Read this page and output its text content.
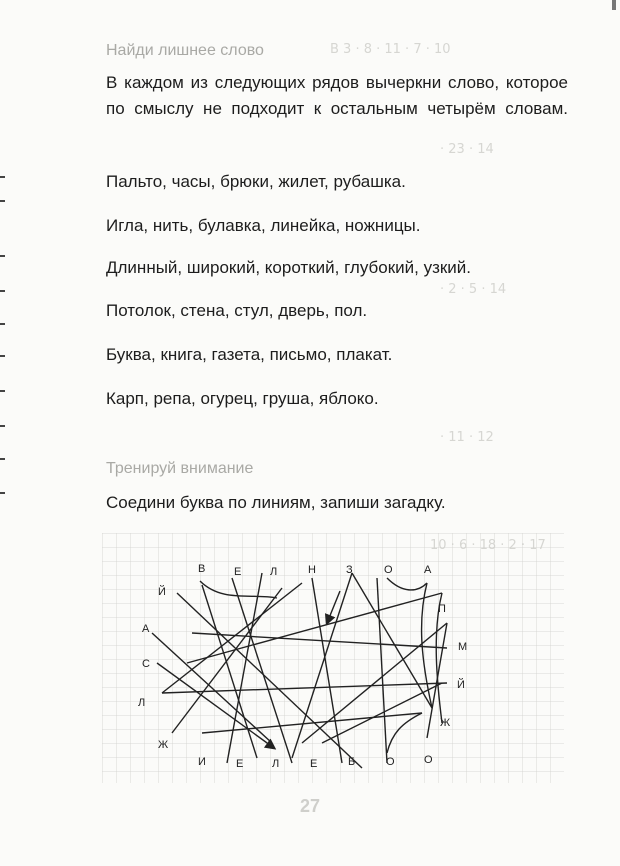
В 3 · 8 · 11 · 7 · 10
· 23 · 14
· 2 · 5 · 14
· 11 · 12
Найди лишнее слово
В каждом из следующих рядов вычеркни слово, которое по смыслу не подходит к остальным четырём словам.
Пальто, часы, брюки, жилет, рубашка.
Игла, нить, булавка, линейка, ножницы.
Длинный, широкий, короткий, глубокий, узкий.
Потолок, стена, стул, дверь, пол.
Буква, книга, газета, письмо, плакат.
Карп, репа, огурец, груша, яблоко.
Тренируй внимание
Соедини буква по линиям, запиши загадку.
В	Е	Л	Н	З	О	А
Й
А
С
Л
Ж
П
М
Й
Ж
И	Е	Л	Е	Б	О	О
27
